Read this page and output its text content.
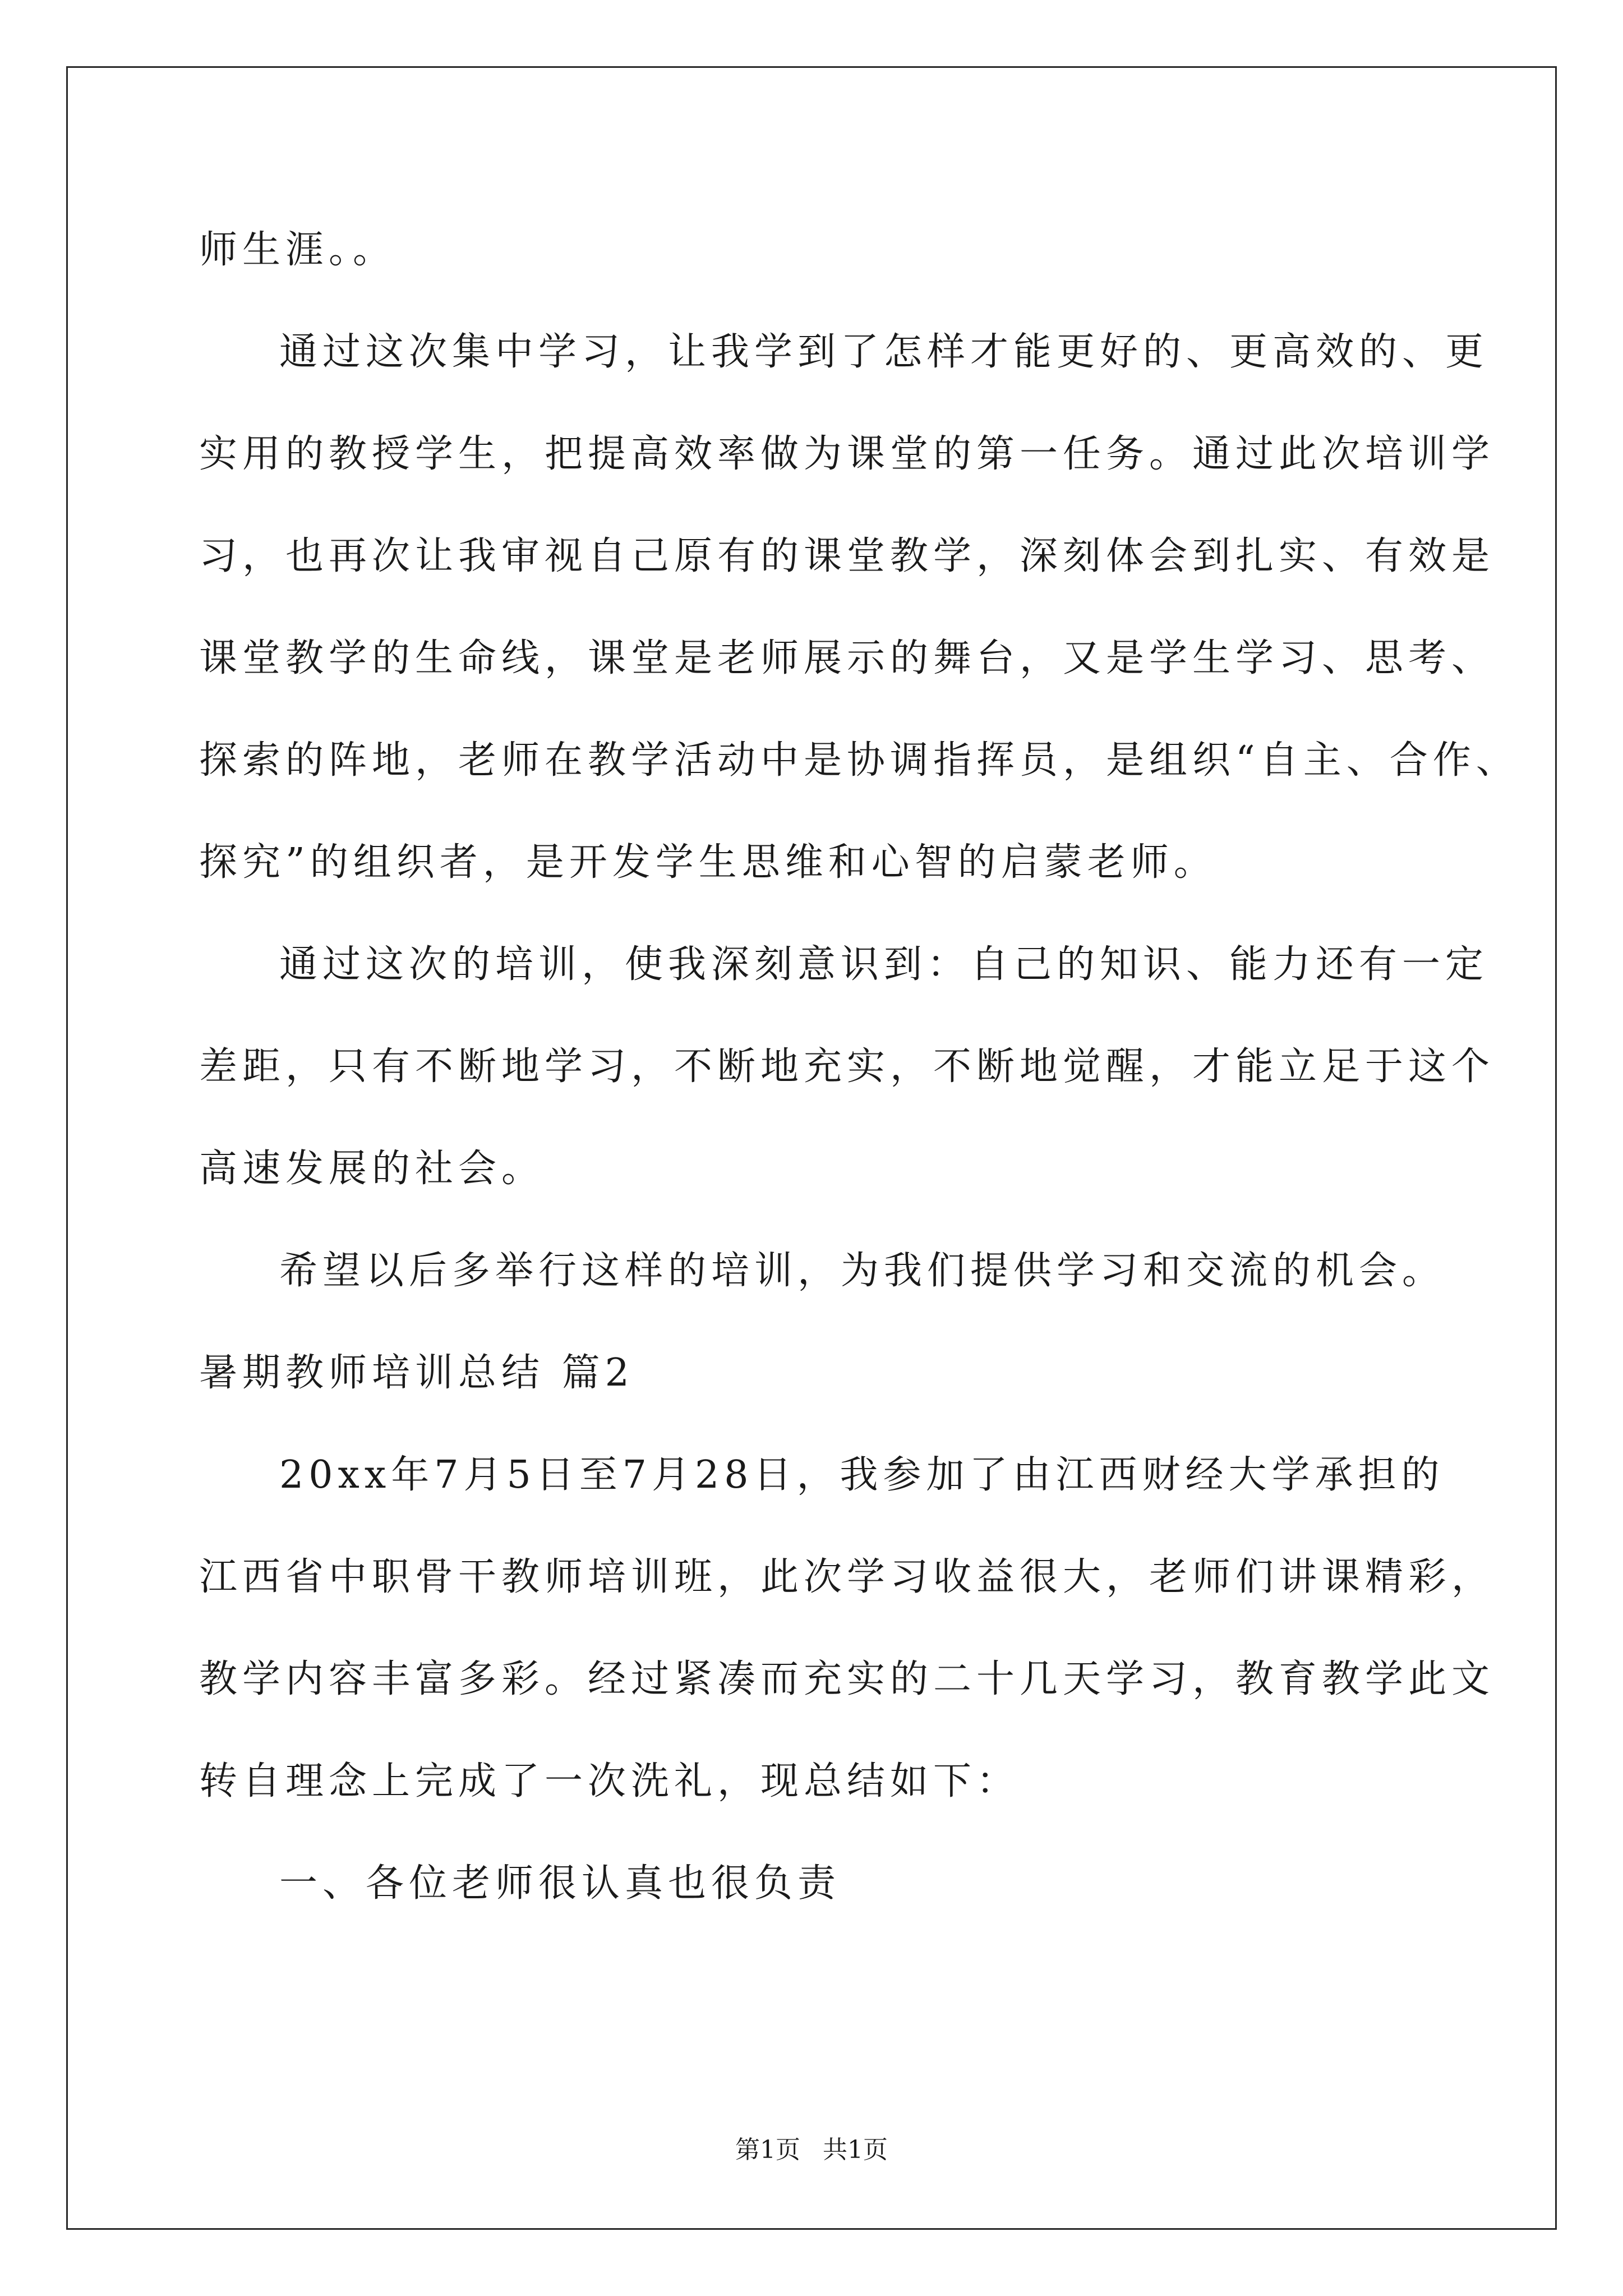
师生涯。。
通过这次集中学习，让我学到了怎样才能更好的、更高效的、更
实用的教授学生，把提高效率做为课堂的第一任务。通过此次培训学
习，也再次让我审视自己原有的课堂教学，深刻体会到扎实、有效是
课堂教学的生命线，课堂是老师展示的舞台，又是学生学习、思考、
探索的阵地，老师在教学活动中是协调指挥员，是组织“自主、合作、
探究”的组织者，是开发学生思维和心智的启蒙老师。
通过这次的培训，使我深刻意识到：自己的知识、能力还有一定
差距，只有不断地学习，不断地充实，不断地觉醒，才能立足于这个
高速发展的社会。
希望以后多举行这样的培训，为我们提供学习和交流的机会。
暑期教师培训总结 篇2
20xx年7月5日至7月28日，我参加了由江西财经大学承担的
江西省中职骨干教师培训班，此次学习收益很大，老师们讲课精彩，
教学内容丰富多彩。经过紧凑而充实的二十几天学习，教育教学此文
转自理念上完成了一次洗礼，现总结如下：
一、各位老师很认真也很负责
第1页 共1页
